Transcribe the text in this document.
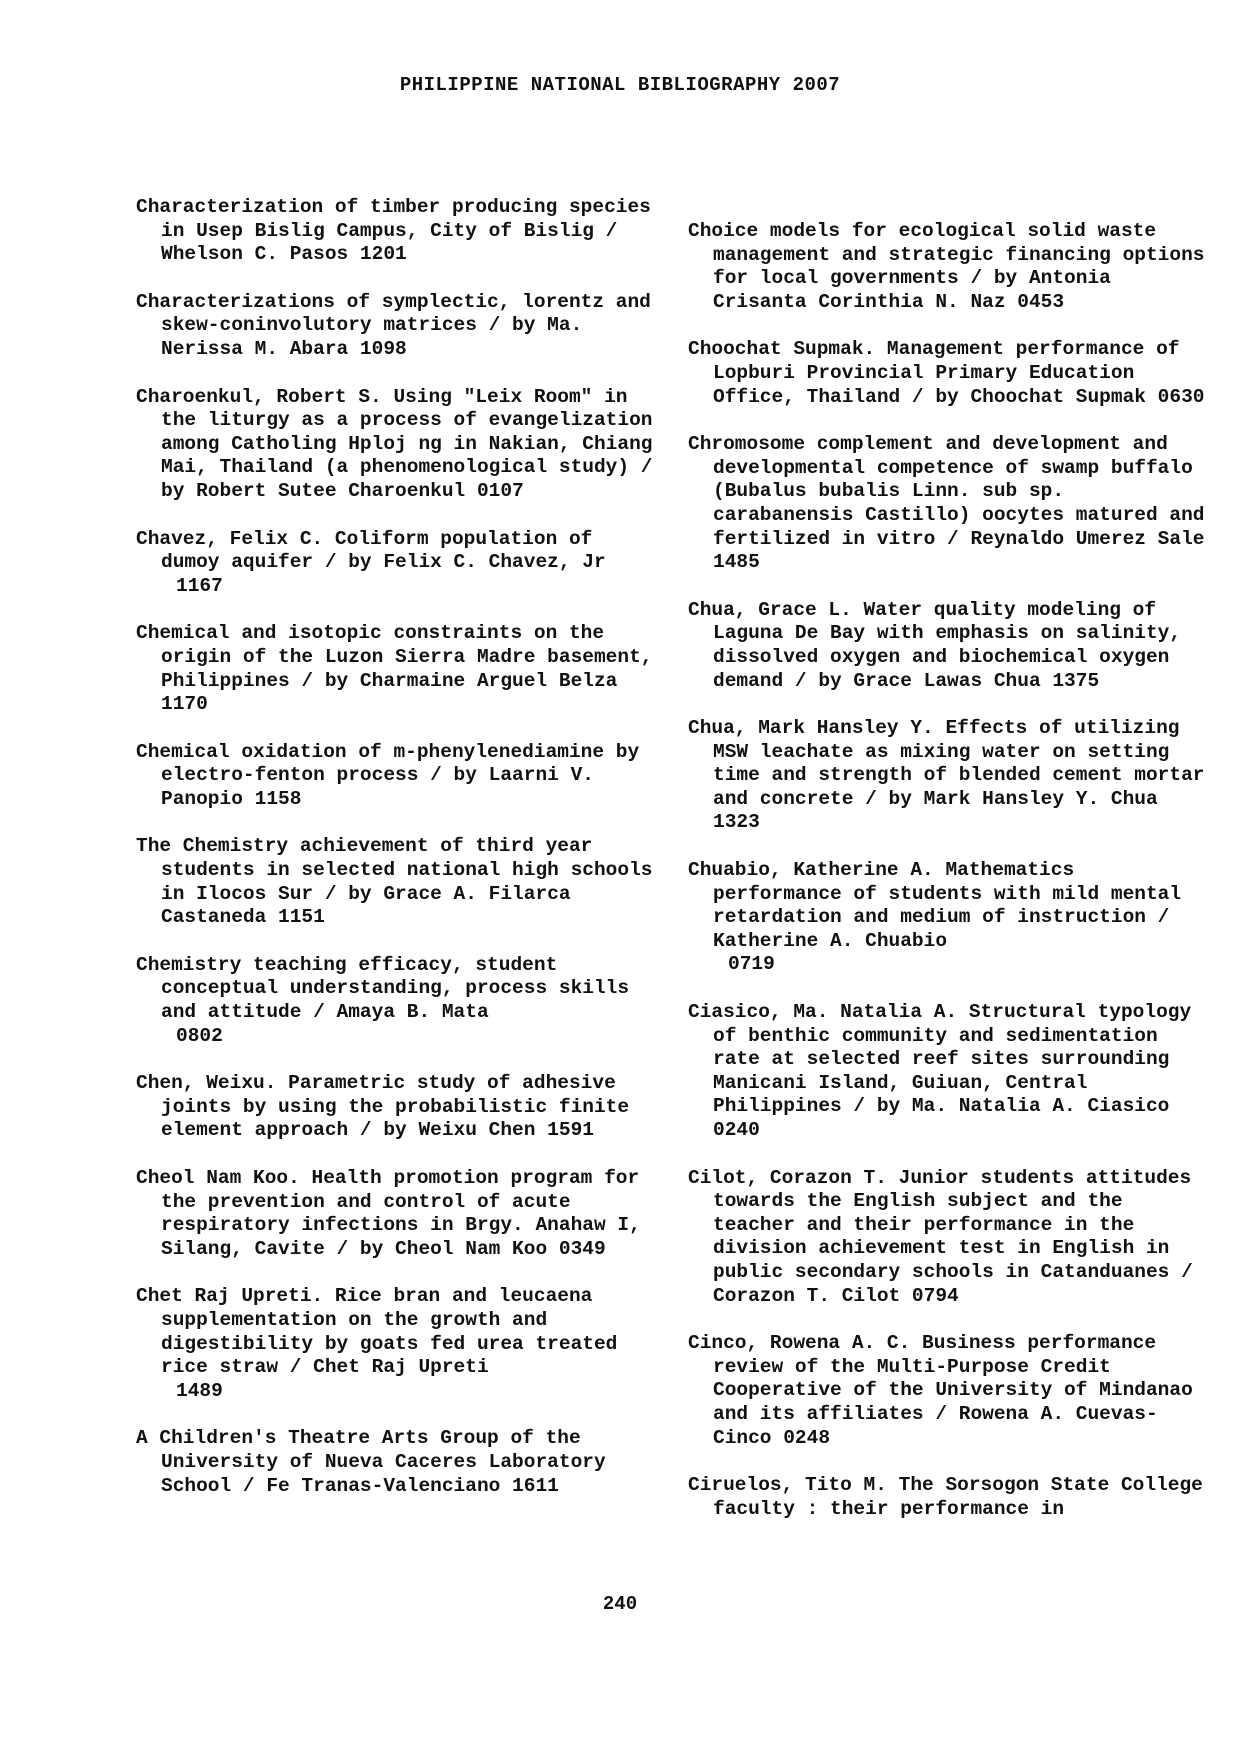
PHILIPPINE NATIONAL BIBLIOGRAPHY 2007

Characterization of timber producing species in Usep Bislig Campus, City of Bislig / Whelson C. Pasos 1201

Characterizations of symplectic, lorentz and skew-coninvolutory matrices / by Ma. Nerissa M. Abara 1098

Charoenkul, Robert S. Using "Leix Room" in the liturgy as a process of evangelization among Catholing Hploj ng in Nakian, Chiang Mai, Thailand (a phenomenological study) / by Robert Sutee Charoenkul 0107

Chavez, Felix C. Coliform population of dumoy aquifer / by Felix C. Chavez, Jr
1167

Chemical and isotopic constraints on the origin of the Luzon Sierra Madre basement, Philippines / by Charmaine Arguel Belza 1170

Chemical oxidation of m-phenylenediamine by electro-fenton process / by Laarni V. Panopio 1158

The Chemistry achievement of third year students in selected national high schools in Ilocos Sur / by Grace A. Filarca Castaneda 1151

Chemistry teaching efficacy, student conceptual understanding, process skills and attitude / Amaya B. Mata
0802

Chen, Weixu. Parametric study of adhesive joints by using the probabilistic finite element approach / by Weixu Chen 1591

Cheol Nam Koo. Health promotion program for the prevention and control of acute respiratory infections in Brgy. Anahaw I, Silang, Cavite / by Cheol Nam Koo 0349

Chet Raj Upreti. Rice bran and leucaena supplementation on the growth and digestibility by goats fed urea treated rice straw / Chet Raj Upreti
1489

A Children's Theatre Arts Group of the University of Nueva Caceres Laboratory School / Fe Tranas-Valenciano 1611

Choice models for ecological solid waste management and strategic financing options for local governments / by Antonia Crisanta Corinthia N. Naz 0453

Choochat Supmak. Management performance of Lopburi Provincial Primary Education Office, Thailand / by Choochat Supmak 0630

Chromosome complement and development and developmental competence of swamp buffalo (Bubalus bubalis Linn. sub sp. carabanensis Castillo) oocytes matured and fertilized in vitro / Reynaldo Umerez Sale 1485

Chua, Grace L. Water quality modeling of Laguna De Bay with emphasis on salinity, dissolved oxygen and biochemical oxygen demand / by Grace Lawas Chua 1375

Chua, Mark Hansley Y. Effects of utilizing MSW leachate as mixing water on setting time and strength of blended cement mortar and concrete / by Mark Hansley Y. Chua 1323

Chuabio, Katherine A. Mathematics performance of students with mild mental retardation and medium of instruction / Katherine A. Chuabio
0719

Ciasico, Ma. Natalia A. Structural typology of benthic community and sedimentation rate at selected reef sites surrounding Manicani Island, Guiuan, Central Philippines / by Ma. Natalia A. Ciasico 0240

Cilot, Corazon T. Junior students attitudes towards the English subject and the teacher and their performance in the division achievement test in English in public secondary schools in Catanduanes / Corazon T. Cilot 0794

Cinco, Rowena A. C. Business performance review of the Multi-Purpose Credit Cooperative of the University of Mindanao and its affiliates / Rowena A. Cuevas-Cinco 0248

Ciruelos, Tito M. The Sorsogon State College faculty : their performance in

240
